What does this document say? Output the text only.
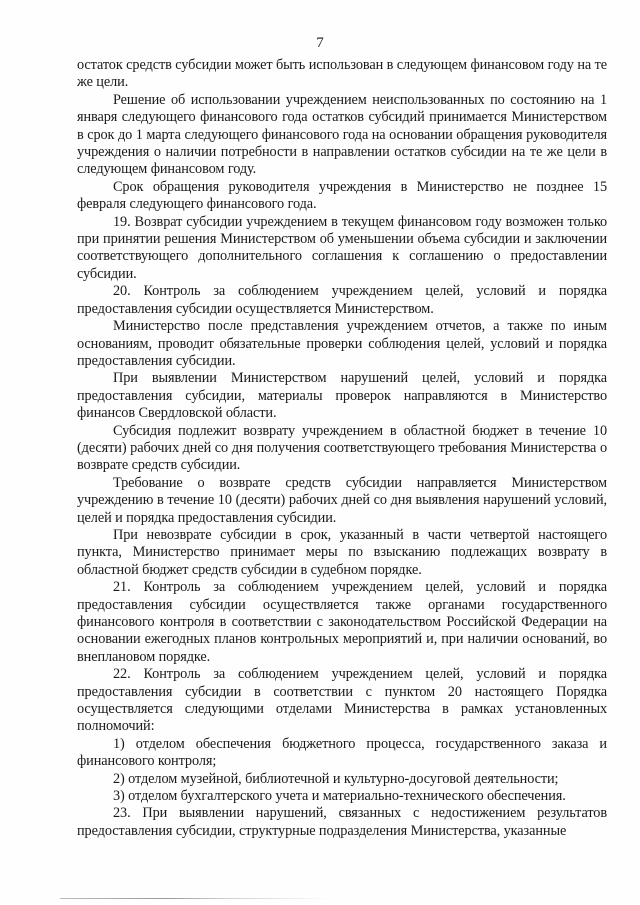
7

остаток средств субсидии может быть использован в следующем финансовом году на те же цели.

Решение об использовании учреждением неиспользованных по состоянию на 1 января следующего финансового года остатков субсидий принимается Министерством в срок до 1 марта следующего финансового года на основании обращения руководителя учреждения о наличии потребности в направлении остатков субсидии на те же цели в следующем финансовом году.

Срок обращения руководителя учреждения в Министерство не позднее 15 февраля следующего финансового года.

19. Возврат субсидии учреждением в текущем финансовом году возможен только при принятии решения Министерством об уменьшении объема субсидии и заключении соответствующего дополнительного соглашения к соглашению о предоставлении субсидии.

20. Контроль за соблюдением учреждением целей, условий и порядка предоставления субсидии осуществляется Министерством.

Министерство после представления учреждением отчетов, а также по иным основаниям, проводит обязательные проверки соблюдения целей, условий и порядка предоставления субсидии.

При выявлении Министерством нарушений целей, условий и порядка предоставления субсидии, материалы проверок направляются в Министерство финансов Свердловской области.

Субсидия подлежит возврату учреждением в областной бюджет в течение 10 (десяти) рабочих дней со дня получения соответствующего требования Министерства о возврате средств субсидии.

Требование о возврате средств субсидии направляется Министерством учреждению в течение 10 (десяти) рабочих дней со дня выявления нарушений условий, целей и порядка предоставления субсидии.

При невозврате субсидии в срок, указанный в части четвертой настоящего пункта, Министерство принимает меры по взысканию подлежащих возврату в областной бюджет средств субсидии в судебном порядке.

21. Контроль за соблюдением учреждением целей, условий и порядка предоставления субсидии осуществляется также органами государственного финансового контроля в соответствии с законодательством Российской Федерации на основании ежегодных планов контрольных мероприятий и, при наличии оснований, во внеплановом порядке.

22. Контроль за соблюдением учреждением целей, условий и порядка предоставления субсидии в соответствии с пунктом 20 настоящего Порядка осуществляется следующими отделами Министерства в рамках установленных полномочий:

1) отделом обеспечения бюджетного процесса, государственного заказа и финансового контроля;

2) отделом музейной, библиотечной и культурно-досуговой деятельности;

3) отделом бухгалтерского учета и материально-технического обеспечения.

23. При выявлении нарушений, связанных с недостижением результатов предоставления субсидии, структурные подразделения Министерства, указанные
